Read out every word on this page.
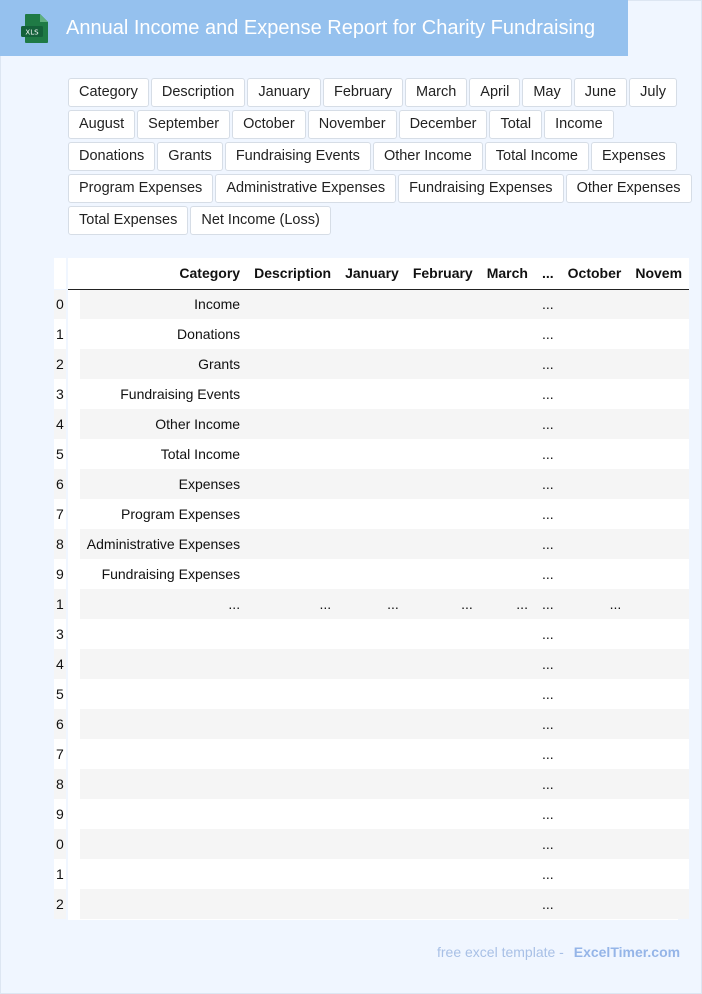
XLS Annual Income and Expense Report for Charity Fundraising
Category	Description	January	February	March	April	May	June	July
August	September	October	November	December	Total	Income
Donations	Grants	Fundraising Events	Other Income	Total Income	Expenses
Program Expenses	Administrative Expenses	Fundraising Expenses	Other Expenses
Total Expenses	Net Income (Loss)
	Category	Description	January	February	March	...	October	Novem
0	Income					...		
1	Donations					...		
2	Grants					...		
3	Fundraising Events					...		
4	Other Income					...		
5	Total Income					...		
6	Expenses					...		
7	Program Expenses					...		
8	Administrative Expenses					...		
9	Fundraising Expenses					...		
1	...	...	...	...	...	...	...	
3						...		
4						...		
5						...		
6						...		
7						...		
8						...		
9						...		
0						...		
1						...		
2						...		
free excel template - ExcelTimer.com
